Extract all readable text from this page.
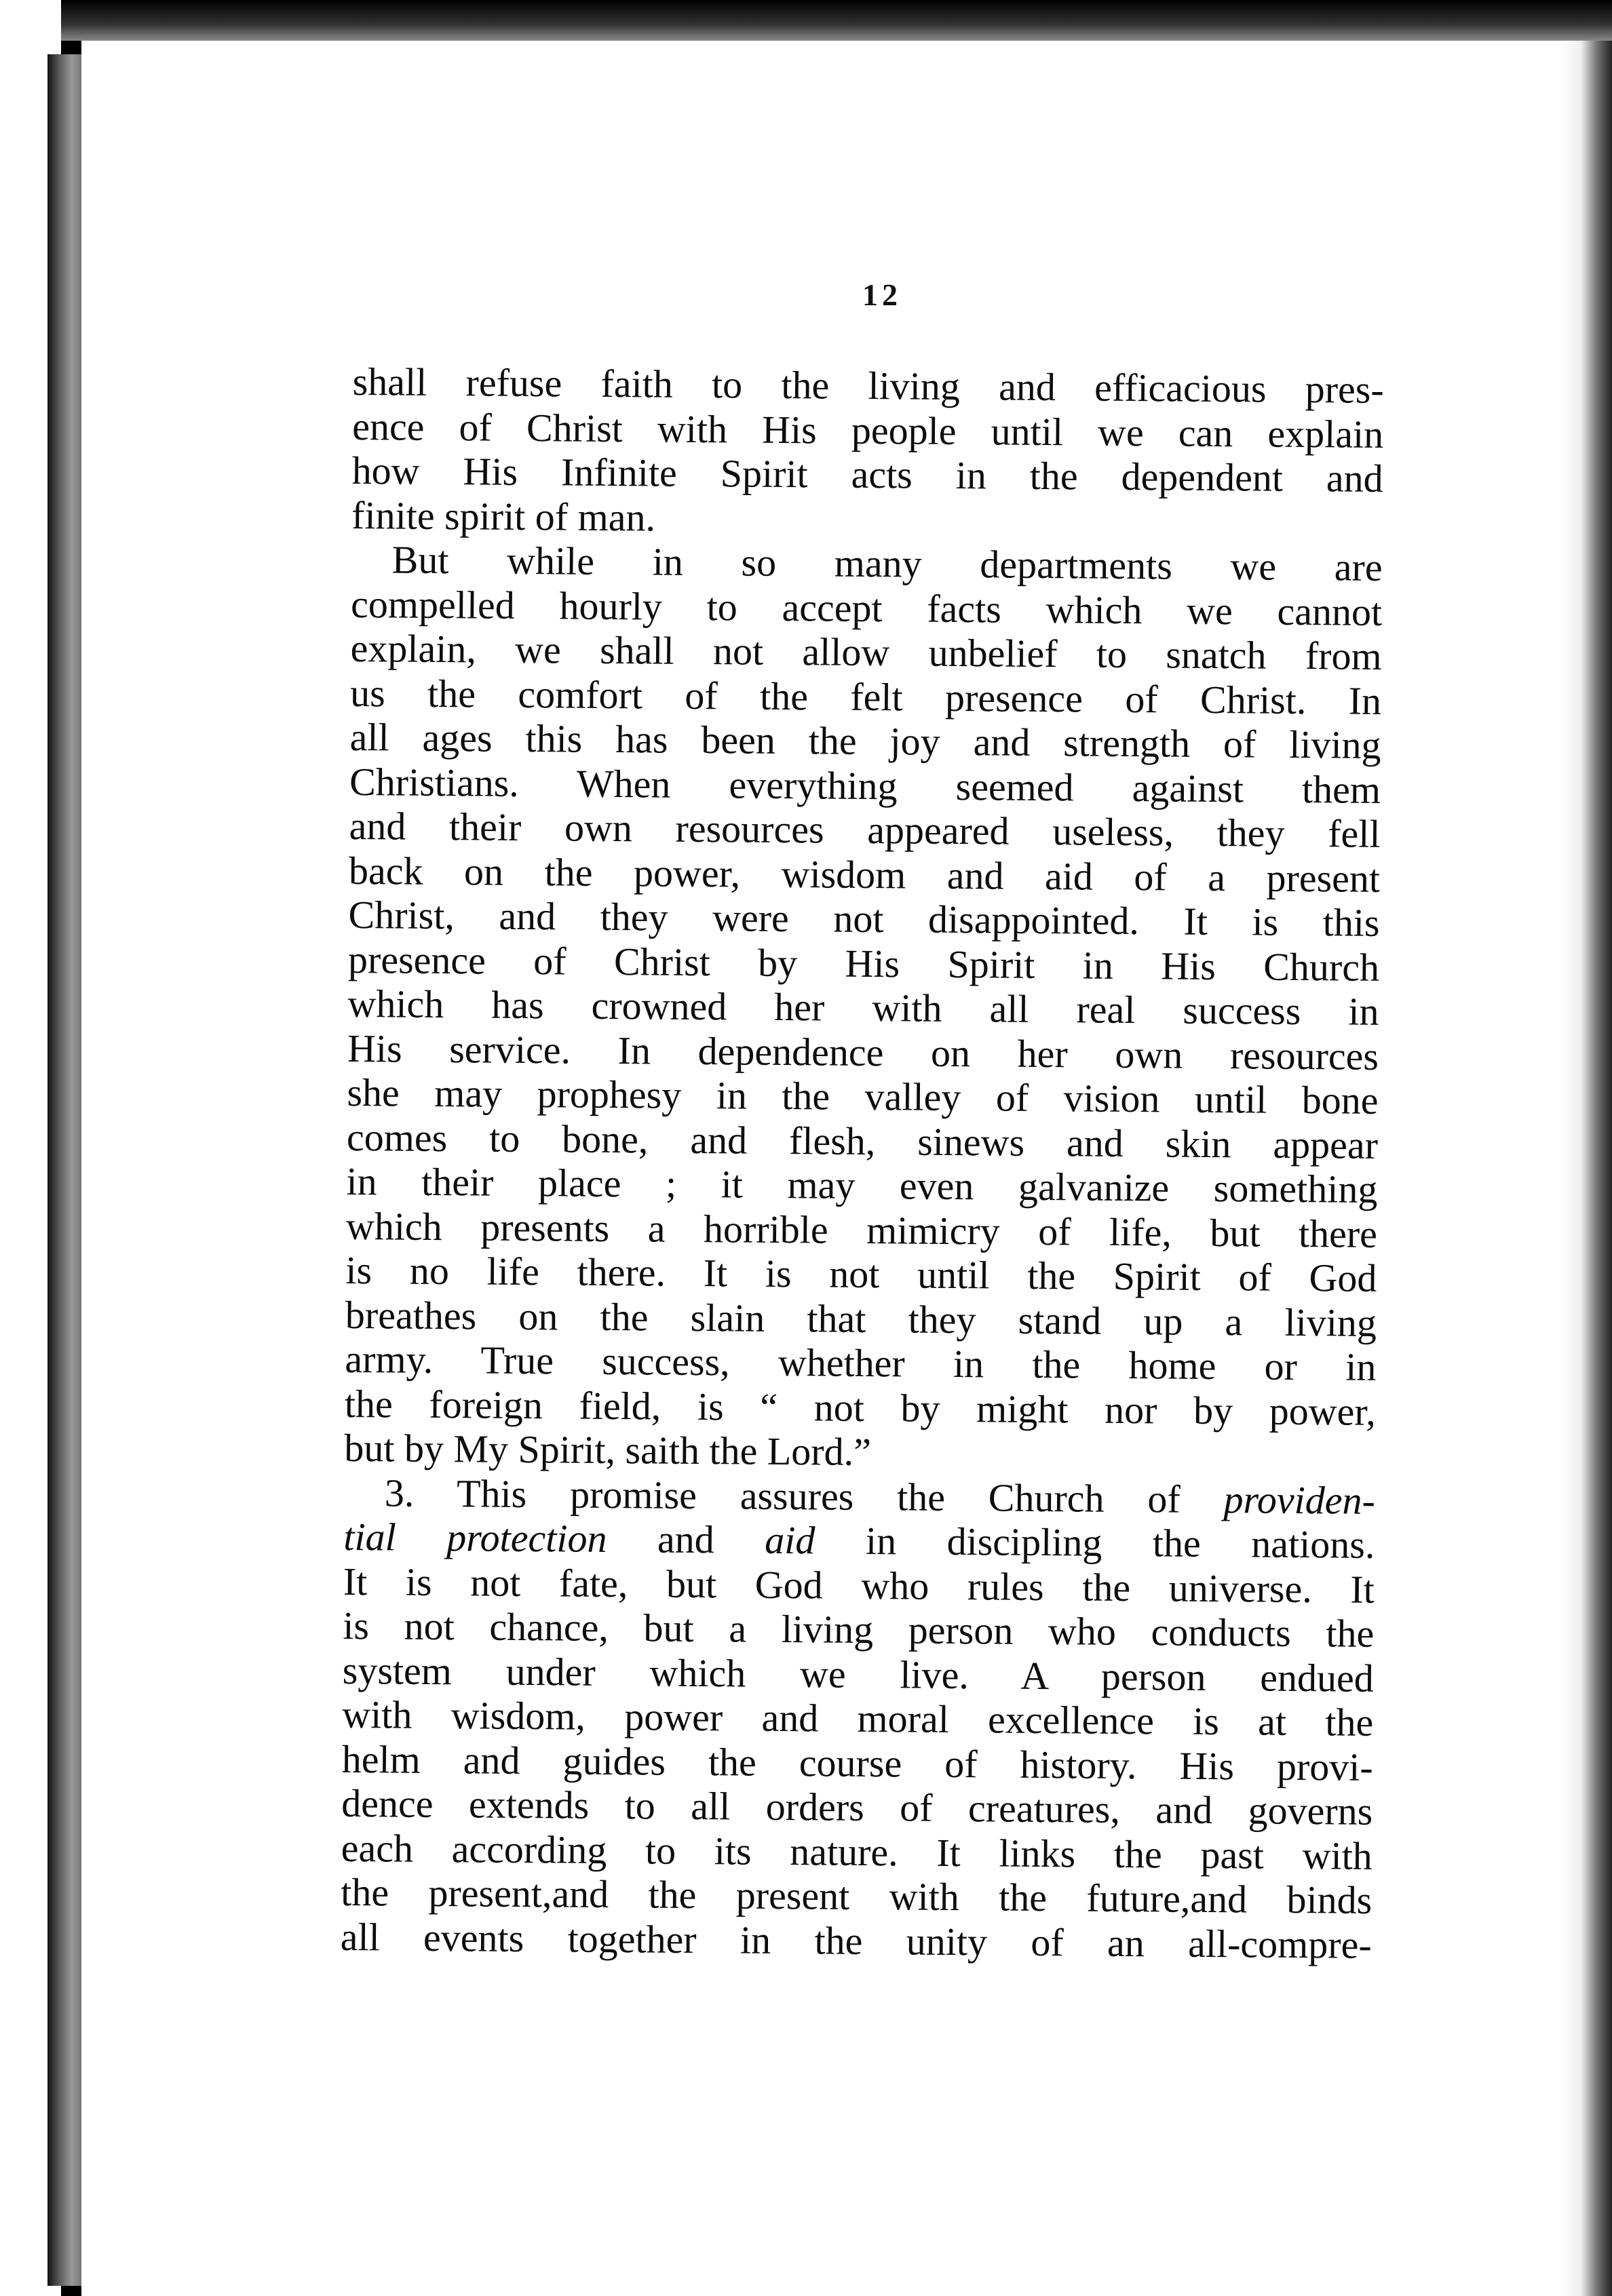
12
shall refuse faith to the living and efficacious pres-
ence of Christ with His people until we can explain
how His Infinite Spirit acts in the dependent and
finite spirit of man.
But while in so many departments we are
compelled hourly to accept facts which we cannot
explain, we shall not allow unbelief to snatch from
us the comfort of the felt presence of Christ. In
all ages this has been the joy and strength of living
Christians. When everything seemed against them
and their own resources appeared useless, they fell
back on the power, wisdom and aid of a present
Christ, and they were not disappointed. It is this
presence of Christ by His Spirit in His Church
which has crowned her with all real success in
His service. In dependence on her own resources
she may prophesy in the valley of vision until bone
comes to bone, and flesh, sinews and skin appear
in their place ; it may even galvanize something
which presents a horrible mimicry of life, but there
is no life there. It is not until the Spirit of God
breathes on the slain that they stand up a living
army. True success, whether in the home or in
the foreign field, is “ not by might nor by power,
but by My Spirit, saith the Lord.”
3. This promise assures the Church of providen-
tial protection and aid in discipling the nations.
It is not fate, but God who rules the universe. It
is not chance, but a living person who conducts the
system under which we live. A person endued
with wisdom, power and moral excellence is at the
helm and guides the course of history. His provi-
dence extends to all orders of creatures, and governs
each according to its nature. It links the past with
the present,and the present with the future,and binds
all events together in the unity of an all-compre-
